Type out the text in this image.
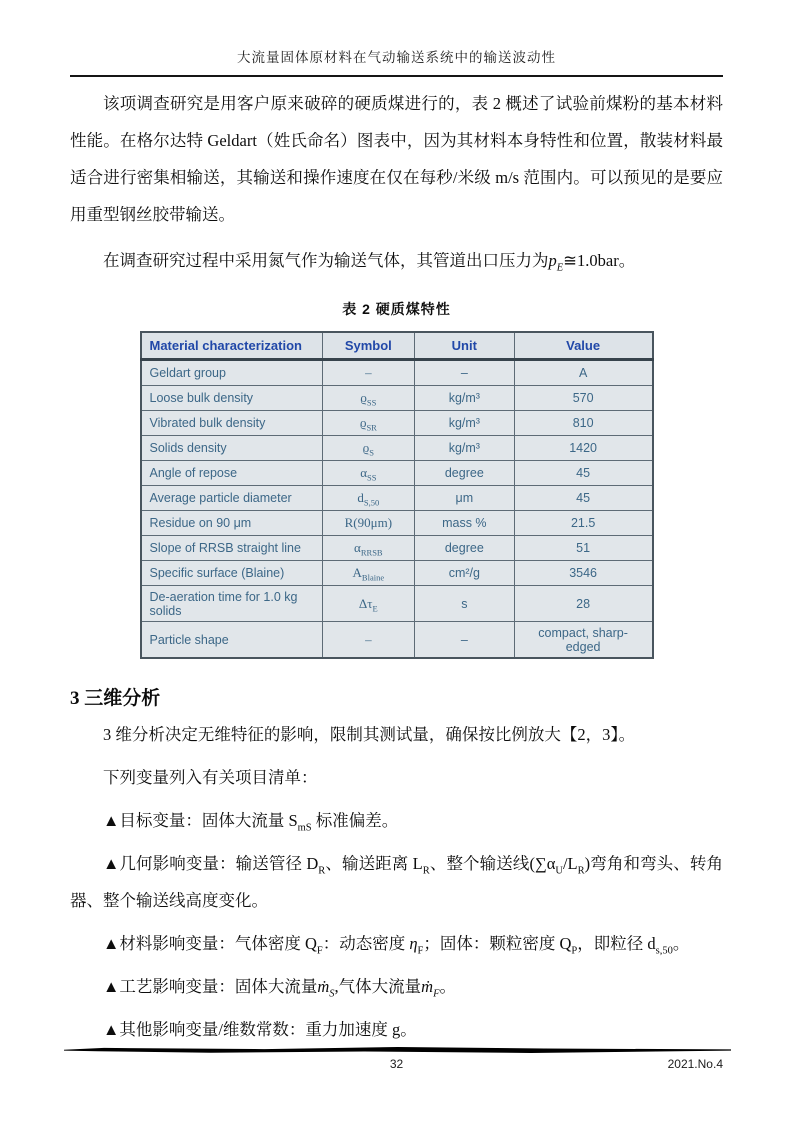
大流量固体原材料在气动输送系统中的输送波动性

该项调查研究是用客户原来破碎的硬质煤进行的，表 2 概述了试验前煤粉的基本材料性能。在格尔达特 Geldart（姓氏命名）图表中，因为其材料本身特性和位置，散装材料最适合进行密集相输送，其输送和操作速度在仅在每秒/米级 m/s 范围内。可以预见的是要应用重型钢丝胶带输送。

在调查研究过程中采用氮气作为输送气体，其管道出口压力为$p_E≅1.0bar$。

表 2 硬质煤特性
Material characterization	Symbol	Unit	Value
Geldart group	–	–	A
Loose bulk density	$ϱ_{SS}$	kg/m³	570
Vibrated bulk density	$ϱ_{SR}$	kg/m³	810
Solids density	$ϱ_S$	kg/m³	1420
Angle of repose	$\alpha_{SS}$	degree	45
Average particle diameter	$d_{S,50}$	μm	45
Residue on 90 μm	R(90μm)	mass %	21.5
Slope of RRSB straight line	$\alpha_{RRSB}$	degree	51
Specific surface (Blaine)	$A_{Blaine}$	cm²/g	3546
De-aeration time for 1.0 kg solids	$\Delta\tau_E$	s	28
Particle shape	–	–	compact, sharp-edged
3 三维分析

3 维分析决定无维特征的影响，限制其测试量，确保按比例放大【2，3】。

下列变量列入有关项目清单：

▲目标变量：固体大流量 $S_{mS}$ 标准偏差。

▲几何影响变量：输送管径 $D_R$、输送距离 $L_R$、整个输送线$(\sum\alpha_U/L_R)$弯角和弯头、转角器、整个输送线高度变化。

▲材料影响变量：气体密度 $Q_F$：动态密度 $\eta_F$；固体：颗粒密度 $Q_P$，即粒径 $d_{s,50}$。

▲工艺影响变量：固体大流量ṁ$_S$,气体大流量ṁ$_F$。

▲其他影响变量/维数常数：重力加速度 g。

32	2021.No.4
